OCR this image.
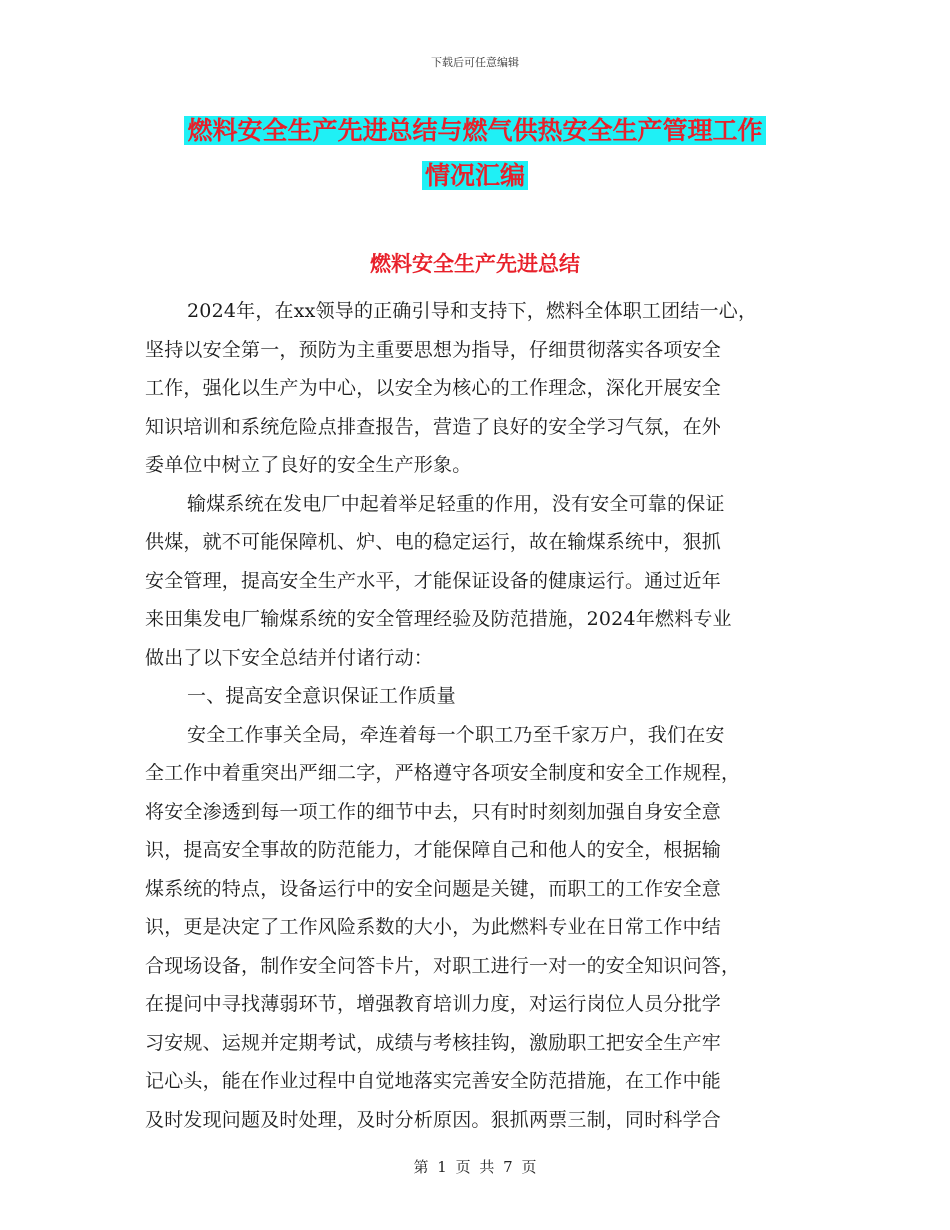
下载后可任意编辑
燃料安全生产先进总结与燃气供热安全生产管理工作
情况汇编
燃料安全生产先进总结
2024年，在xx领导的正确引导和支持下，燃料全体职工团结一心，
坚持以安全第一，预防为主重要思想为指导，仔细贯彻落实各项安全
工作，强化以生产为中心，以安全为核心的工作理念，深化开展安全
知识培训和系统危险点排查报告，营造了良好的安全学习气氛，在外
委单位中树立了良好的安全生产形象。
输煤系统在发电厂中起着举足轻重的作用，没有安全可靠的保证
供煤，就不可能保障机、炉、电的稳定运行，故在输煤系统中，狠抓
安全管理，提高安全生产水平，才能保证设备的健康运行。通过近年
来田集发电厂输煤系统的安全管理经验及防范措施，2024年燃料专业
做出了以下安全总结并付诸行动：
一、提高安全意识保证工作质量
安全工作事关全局，牵连着每一个职工乃至千家万户，我们在安
全工作中着重突出严细二字，严格遵守各项安全制度和安全工作规程，
将安全渗透到每一项工作的细节中去，只有时时刻刻加强自身安全意
识，提高安全事故的防范能力，才能保障自己和他人的安全，根据输
煤系统的特点，设备运行中的安全问题是关键，而职工的工作安全意
识，更是决定了工作风险系数的大小，为此燃料专业在日常工作中结
合现场设备，制作安全问答卡片，对职工进行一对一的安全知识问答，
在提问中寻找薄弱环节，增强教育培训力度，对运行岗位人员分批学
习安规、运规并定期考试，成绩与考核挂钩，激励职工把安全生产牢
记心头，能在作业过程中自觉地落实完善安全防范措施，在工作中能
及时发现问题及时处理，及时分析原因。狠抓两票三制，同时科学合
第 1 页 共 7 页
